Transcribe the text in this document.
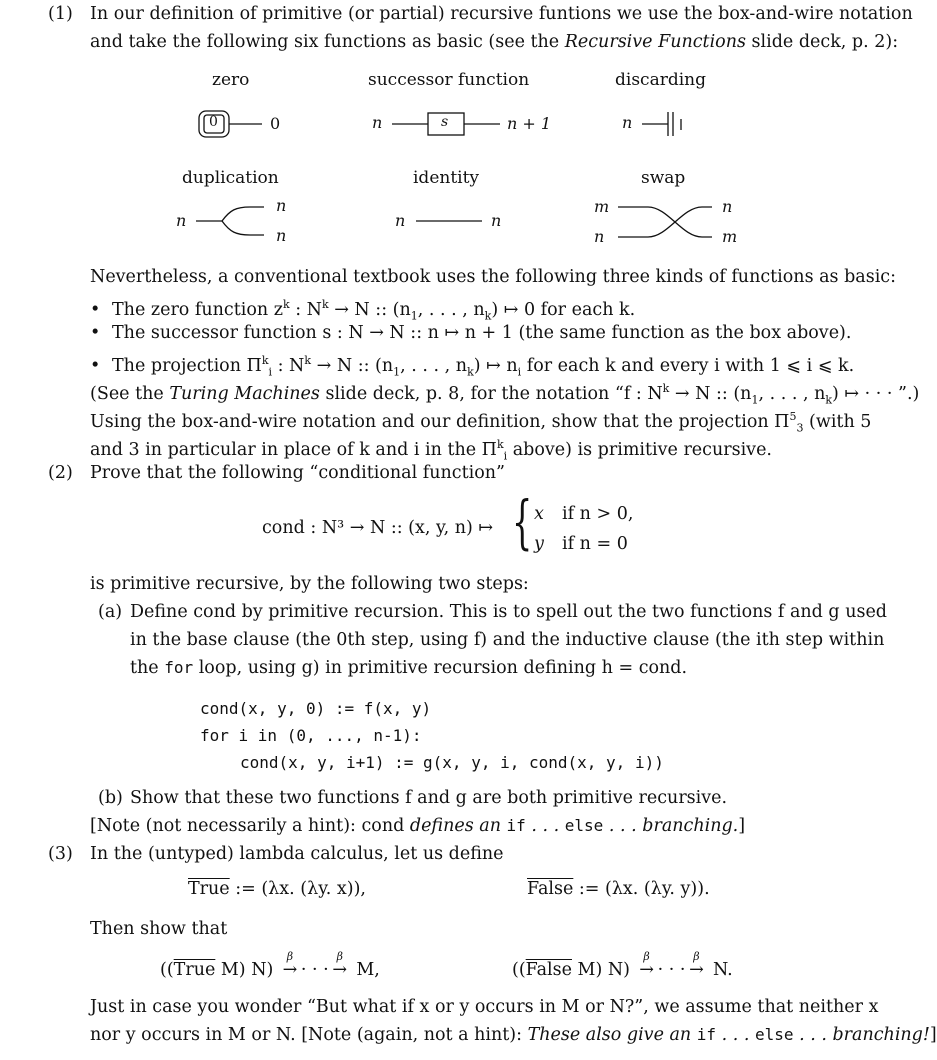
(1) In our definition of primitive (or partial) recursive funtions we use the box-and-wire notation
and take the following six functions as basic (see the Recursive Functions slide deck, p. 2):
zero	successor function	discarding
duplication	identity	swap
0	0	n	s	n + 1	n
n
n
n
n	n
m
n
n
m
Nevertheless, a conventional textbook uses the following three kinds of functions as basic:
• The zero function $z^k$ : $N^k \to N$ :: ($n_1$, . . . , $n_k$) ↦ 0 for each k.
• The successor function s : N → N :: n ↦ n + 1 (the same function as the box above).
• The projection $\Pi^k_i$ : $N^k \to N$ :: ($n_1$, . . . , $n_k$) ↦ $n_i$ for each k and every i with 1 ⩽ i ⩽ k.
(See the Turing Machines slide deck, p. 8, for the notation “f : $N^k \to N$ :: ($n_1$, . . . , $n_k$) ↦ · · · ”.)
Using the box-and-wire notation and our definition, show that the projection $\Pi^5_3$ (with 5
and 3 in particular in place of k and i in the $\Pi^k_i$ above) is primitive recursive.
(2) Prove that the following “conditional function”
cond : N³ → N :: (x, y, n) ↦ { x if n > 0,
y if n = 0
is primitive recursive, by the following two steps:
(a) Define cond by primitive recursion. This is to spell out the two functions f and g used
in the base clause (the 0th step, using f) and the inductive clause (the ith step within
the for loop, using g) in primitive recursion defining h = cond.
cond(x, y, 0) := f(x, y)
for i in (0, ..., n-1):
cond(x, y, i+1) := g(x, y, i, cond(x, y, i))
(b) Show that these two functions f and g are both primitive recursive.
[Note (not necessarily a hint): cond defines an if . . . else . . . branching.]
(3) In the (untyped) lambda calculus, let us define
True := (λx. (λy. x)),	False := (λx. (λy. y)).
Then show that
((True M) N)
β
→ · · ·
β
→ M,	((False M) N)
β
→ · · ·
β
→ N.
Just in case you wonder “But what if x or y occurs in M or N?”, we assume that neither x
nor y occurs in M or N. [Note (again, not a hint): These also give an if . . . else . . . branching!]
